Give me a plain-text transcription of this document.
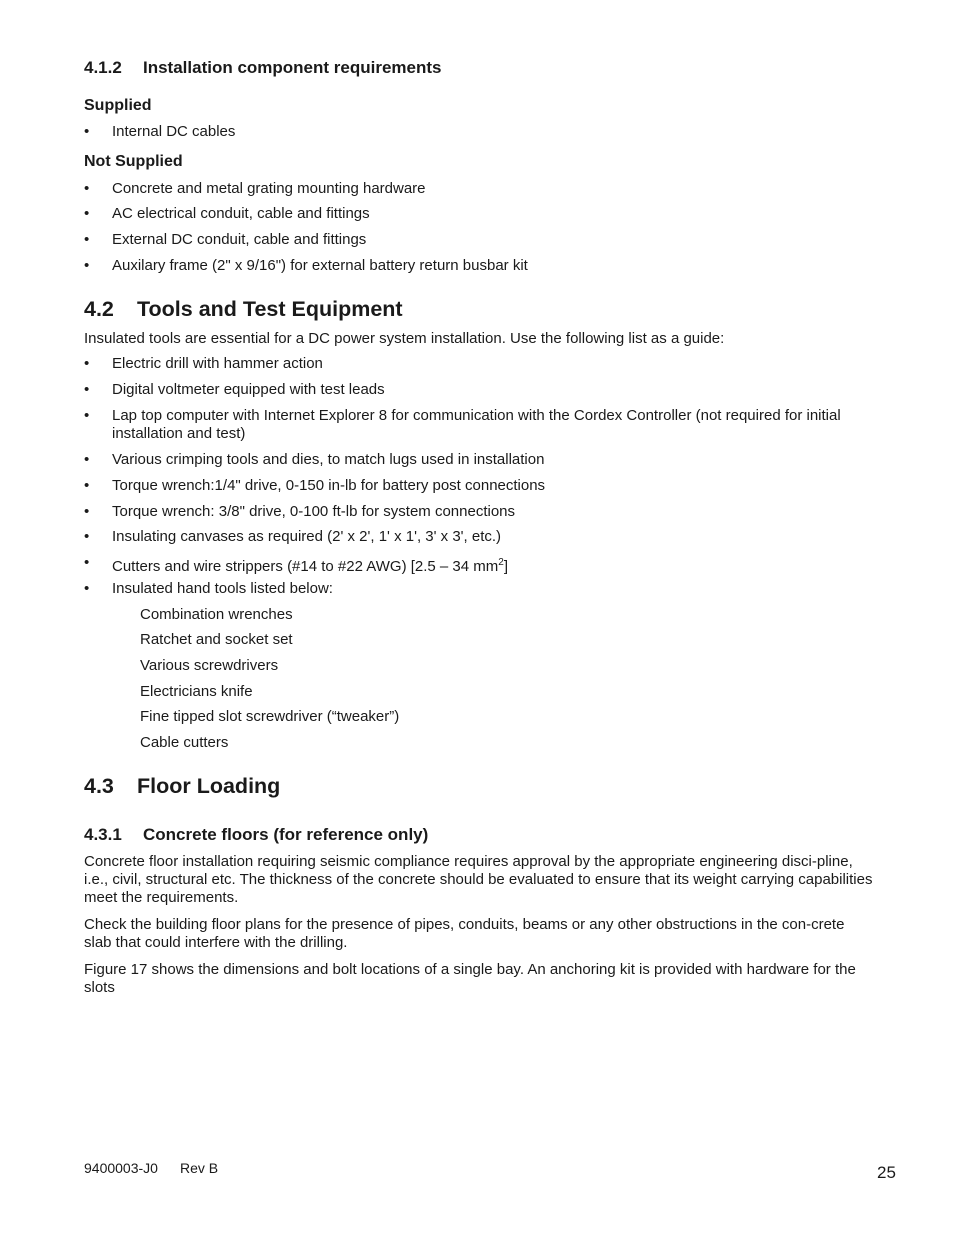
4.1.2 Installation component requirements
Supplied
• Internal DC cables
Not Supplied
• Concrete and metal grating mounting hardware
• AC electrical conduit, cable and fittings
• External DC conduit, cable and fittings
• Auxilary frame (2" x 9/16") for external battery return busbar kit
4.2 Tools and Test Equipment
Insulated tools are essential for a DC power system installation. Use the following list as a guide:
• Electric drill with hammer action
• Digital voltmeter equipped with test leads
• Lap top computer with Internet Explorer 8 for communication with the Cordex Controller (not required for initial installation and test)
• Various crimping tools and dies, to match lugs used in installation
• Torque wrench:1/4" drive, 0-150 in-lb for battery post connections
• Torque wrench: 3/8" drive, 0-100 ft-lb for system connections
• Insulating canvases as required (2' x 2', 1' x 1', 3' x 3', etc.)
• Cutters and wire strippers (#14 to #22 AWG) [2.5 – 34 $mm^2$]
• Insulated hand tools listed below:
Combination wrenches
Ratchet and socket set
Various screwdrivers
Electricians knife
Fine tipped slot screwdriver (“tweaker”)
Cable cutters
4.3 Floor Loading
4.3.1 Concrete floors (for reference only)
Concrete floor installation requiring seismic compliance requires approval by the appropriate engineering disci-pline, i.e., civil, structural etc. The thickness of the concrete should be evaluated to ensure that its weight carrying capabilities meet the requirements.
Check the building floor plans for the presence of pipes, conduits, beams or any other obstructions in the con-crete slab that could interfere with the drilling.
Figure 17 shows the dimensions and bolt locations of a single bay. An anchoring kit is provided with hardware for the slots
9400003-J0 Rev B	25
